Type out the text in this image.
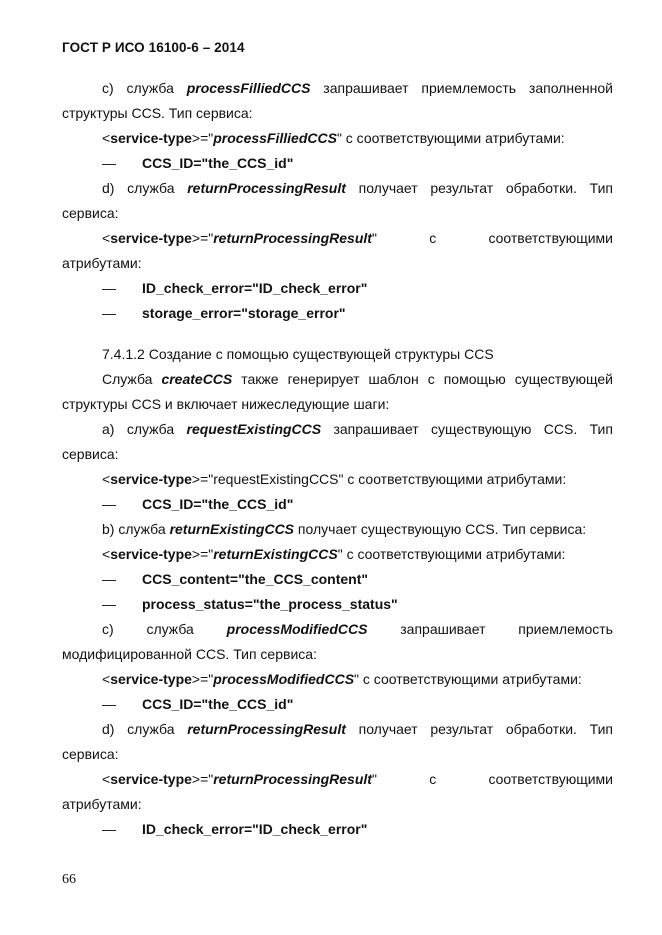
ГОСТ Р ИСО 16100-6 – 2014
с) служба processFilliedCCS запрашивает приемлемость заполненной
структуры CCS. Тип сервиса:
<service-type>="processFilliedCCS" с соответствующими атрибутами:
— CCS_ID="the_CCS_id"
d) служба returnProcessingResult получает результат обработки. Тип
сервиса:
<service-type>="returnProcessingResult"	с	соответствующими
атрибутами:
— ID_check_error="ID_check_error"
— storage_error="storage_error"
7.4.1.2 Создание с помощью существующей структуры CCS
Служба createCCS также генерирует шаблон с помощью существующей
структуры CCS и включает нижеследующие шаги:
а) служба requestExistingCCS запрашивает существующую CCS. Тип
сервиса:
<service-type>="requestExistingCCS" с соответствующими атрибутами:
— CCS_ID="the_CCS_id"
b) служба returnExistingCCS получает существующую CCS. Тип сервиса:
<service-type>="returnExistingCCS" с соответствующими атрибутами:
— CCS_content="the_CCS_content"
— process_status="the_process_status"
с) служба processModifiedCCS запрашивает приемлемость
модифицированной CCS. Тип сервиса:
<service-type>="processModifiedCCS" с соответствующими атрибутами:
— CCS_ID="the_CCS_id"
d) служба returnProcessingResult получает результат обработки. Тип
сервиса:
<service-type>="returnProcessingResult"	с	соответствующими
атрибутами:
— ID_check_error="ID_check_error"
66
